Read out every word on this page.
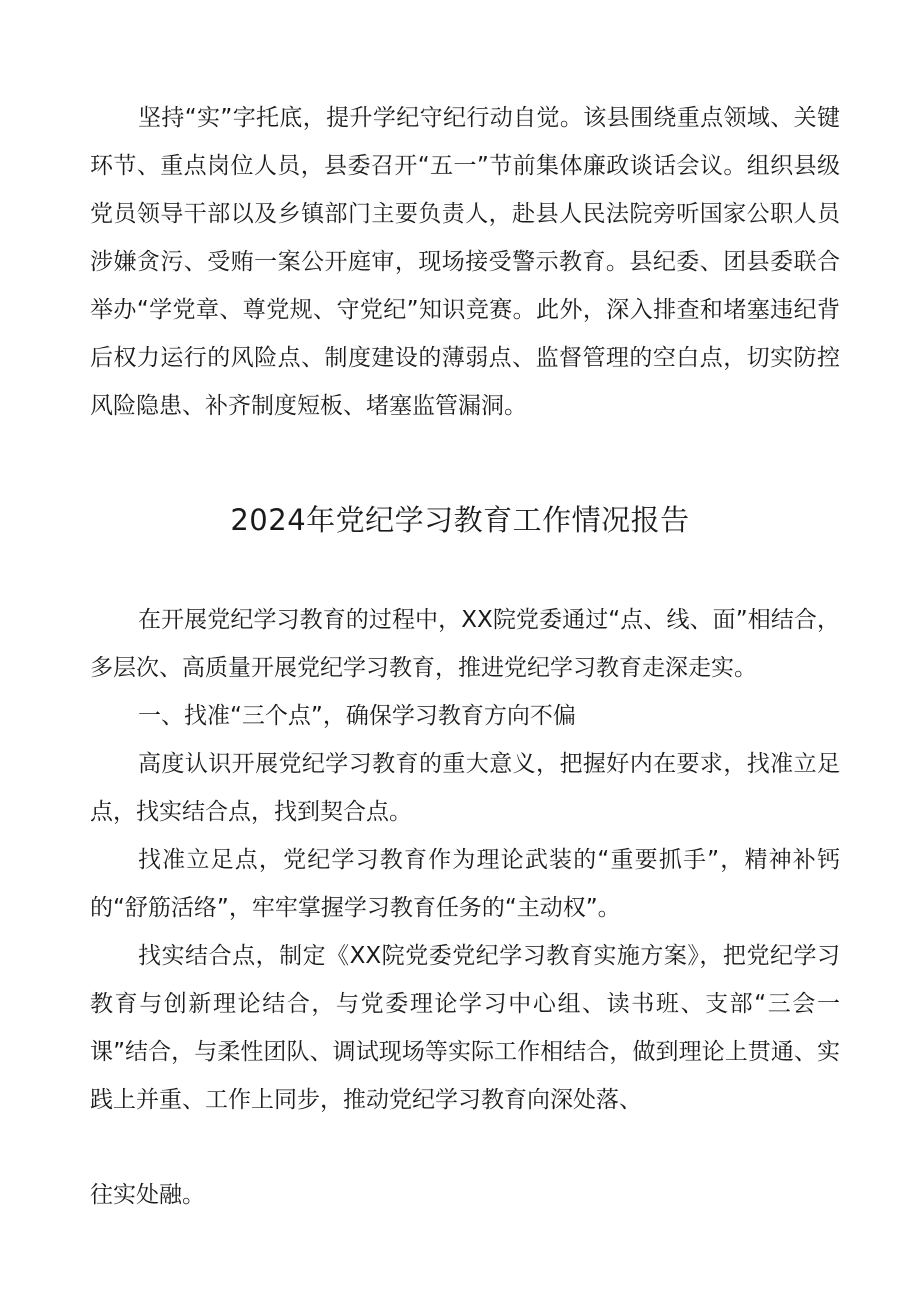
坚持“实”字托底，提升学纪守纪行动自觉。该县围绕重点领域、关键环节、重点岗位人员，县委召开“五一”节前集体廉政谈话会议。组织县级党员领导干部以及乡镇部门主要负责人，赴县人民法院旁听国家公职人员涉嫌贪污、受贿一案公开庭审，现场接受警示教育。县纪委、团县委联合举办“学党章、尊党规、守党纪”知识竞赛。此外，深入排查和堵塞违纪背后权力运行的风险点、制度建设的薄弱点、监督管理的空白点，切实防控风险隐患、补齐制度短板、堵塞监管漏洞。

2024年党纪学习教育工作情况报告

在开展党纪学习教育的过程中，XX院党委通过“点、线、面”相结合，多层次、高质量开展党纪学习教育，推进党纪学习教育走深走实。

一、找准“三个点”，确保学习教育方向不偏

高度认识开展党纪学习教育的重大意义，把握好内在要求，找准立足点，找实结合点，找到契合点。

找准立足点，党纪学习教育作为理论武装的“重要抓手”，精神补钙的“舒筋活络”，牢牢掌握学习教育任务的“主动权”。

找实结合点，制定《XX院党委党纪学习教育实施方案》，把党纪学习教育与创新理论结合，与党委理论学习中心组、读书班、支部“三会一课”结合，与柔性团队、调试现场等实际工作相结合，做到理论上贯通、实践上并重、工作上同步，推动党纪学习教育向深处落、

往实处融。
